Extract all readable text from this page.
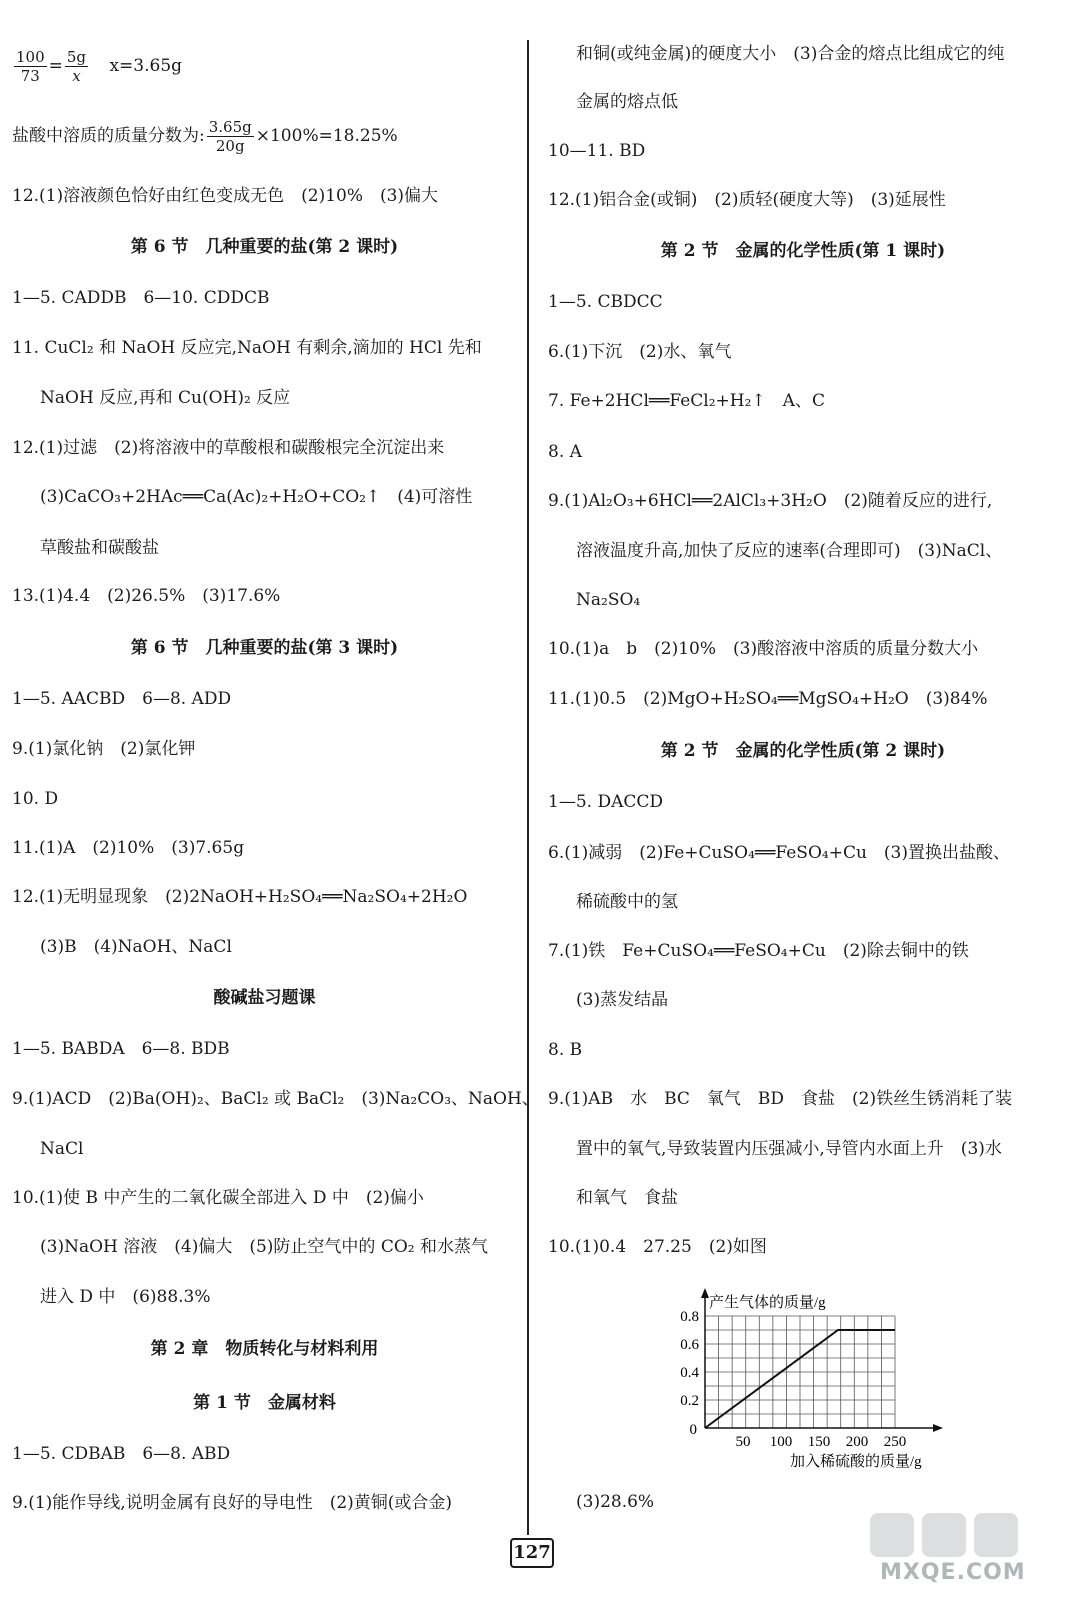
$\frac{100}{73} = \frac{5g}{x} x=3.65g$
盐酸中溶质的质量分数为: $\frac{3.65g}{20g} \times 100\%=18.25\%$
12.(1)溶液颜色恰好由红色变成无色　(2)10%　(3)偏大
第 6 节　几种重要的盐(第 2 课时)
1—5. CADDB　6—10. CDDCB
11. CuCl₂ 和 NaOH 反应完,NaOH 有剩余,滴加的 HCl 先和
NaOH 反应,再和 Cu(OH)₂ 反应
12.(1)过滤　(2)将溶液中的草酸根和碳酸根完全沉淀出来
(3)CaCO₃+2HAc══Ca(Ac)₂+H₂O+CO₂↑　(4)可溶性
草酸盐和碳酸盐
13.(1)4.4　(2)26.5%　(3)17.6%
第 6 节　几种重要的盐(第 3 课时)
1—5. AACBD　6—8. ADD
9.(1)氯化钠　(2)氯化钾
10. D
11.(1)A　(2)10%　(3)7.65g
12.(1)无明显现象　(2)2NaOH+H₂SO₄══Na₂SO₄+2H₂O
(3)B　(4)NaOH、NaCl
酸碱盐习题课
1—5. BABDA　6—8. BDB
9.(1)ACD　(2)Ba(OH)₂、BaCl₂ 或 BaCl₂　(3)Na₂CO₃、NaOH、
NaCl
10.(1)使 B 中产生的二氧化碳全部进入 D 中　(2)偏小
(3)NaOH 溶液　(4)偏大　(5)防止空气中的 CO₂ 和水蒸气
进入 D 中　(6)88.3%
第 2 章　物质转化与材料利用
第 1 节　金属材料
1—5. CDBAB　6—8. ABD
9.(1)能作导线,说明金属有良好的导电性　(2)黄铜(或合金)
和铜(或纯金属)的硬度大小　(3)合金的熔点比组成它的纯
金属的熔点低
10—11. BD
12.(1)铝合金(或铜)　(2)质轻(硬度大等)　(3)延展性
第 2 节　金属的化学性质(第 1 课时)
1—5. CBDCC
6.(1)下沉　(2)水、氧气
7. Fe+2HCl══FeCl₂+H₂↑　A、C
8. A
9.(1)Al₂O₃+6HCl══2AlCl₃+3H₂O　(2)随着反应的进行,
溶液温度升高,加快了反应的速率(合理即可)　(3)NaCl、
Na₂SO₄
10.(1)a　b　(2)10%　(3)酸溶液中溶质的质量分数大小
11.(1)0.5　(2)MgO+H₂SO₄══MgSO₄+H₂O　(3)84%
第 2 节　金属的化学性质(第 2 课时)
1—5. DACCD
6.(1)减弱　(2)Fe+CuSO₄══FeSO₄+Cu　(3)置换出盐酸、
稀硫酸中的氢
7.(1)铁　Fe+CuSO₄══FeSO₄+Cu　(2)除去铜中的铁
(3)蒸发结晶
8. B
9.(1)AB　水　BC　氧气　BD　食盐　(2)铁丝生锈消耗了装
置中的氧气,导致装置内压强减小,导管内水面上升　(3)水
和氧气　食盐
10.(1)0.4　27.25　(2)如图
(3)28.6%
0.2
0.4
0.6
0.8
0
50 100 150 200 250
产生气体的质量/g
加入稀硫酸的质量/g
127
MXQE.COM
